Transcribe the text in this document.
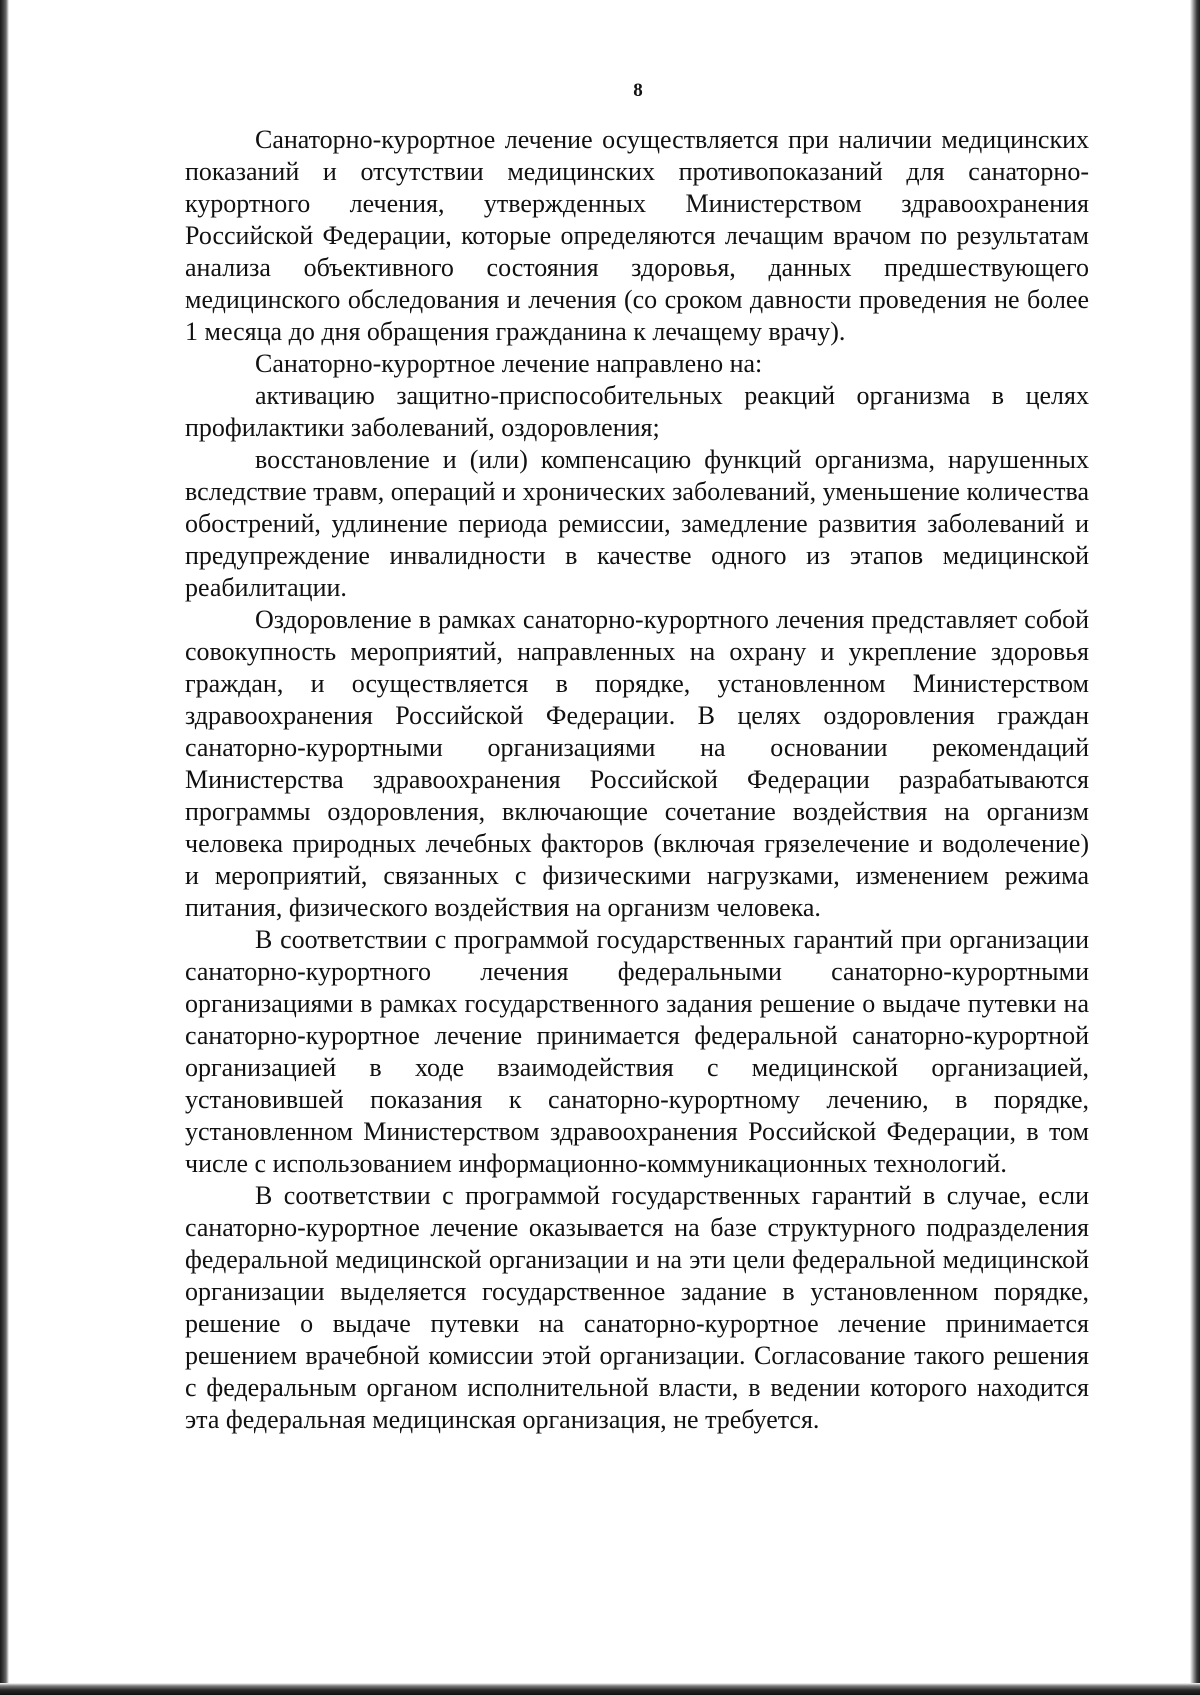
8

Санаторно-курортное лечение осуществляется при наличии медицинских показаний и отсутствии медицинских противопоказаний для санаторно-курортного лечения, утвержденных Министерством здравоохранения Российской Федерации, которые определяются лечащим врачом по результатам анализа объективного состояния здоровья, данных предшествующего медицинского обследования и лечения (со сроком давности проведения не более 1 месяца до дня обращения гражданина к лечащему врачу).

Санаторно-курортное лечение направлено на:

активацию защитно-приспособительных реакций организма в целях профилактики заболеваний, оздоровления;

восстановление и (или) компенсацию функций организма, нарушенных вследствие травм, операций и хронических заболеваний, уменьшение количества обострений, удлинение периода ремиссии, замедление развития заболеваний и предупреждение инвалидности в качестве одного из этапов медицинской реабилитации.

Оздоровление в рамках санаторно-курортного лечения представляет собой совокупность мероприятий, направленных на охрану и укрепление здоровья граждан, и осуществляется в порядке, установленном Министерством здравоохранения Российской Федерации. В целях оздоровления граждан санаторно-курортными организациями на основании рекомендаций Министерства здравоохранения Российской Федерации разрабатываются программы оздоровления, включающие сочетание воздействия на организм человека природных лечебных факторов (включая грязелечение и водолечение) и мероприятий, связанных с физическими нагрузками, изменением режима питания, физического воздействия на организм человека.

В соответствии с программой государственных гарантий при организации санаторно-курортного лечения федеральными санаторно-курортными организациями в рамках государственного задания решение о выдаче путевки на санаторно-курортное лечение принимается федеральной санаторно-курортной организацией в ходе взаимодействия с медицинской организацией, установившей показания к санаторно-курортному лечению, в порядке, установленном Министерством здравоохранения Российской Федерации, в том числе с использованием информационно-коммуникационных технологий.

В соответствии с программой государственных гарантий в случае, если санаторно-курортное лечение оказывается на базе структурного подразделения федеральной медицинской организации и на эти цели федеральной медицинской организации выделяется государственное задание в установленном порядке, решение о выдаче путевки на санаторно-курортное лечение принимается решением врачебной комиссии этой организации. Согласование такого решения с федеральным органом исполнительной власти, в ведении которого находится эта федеральная медицинская организация, не требуется.
